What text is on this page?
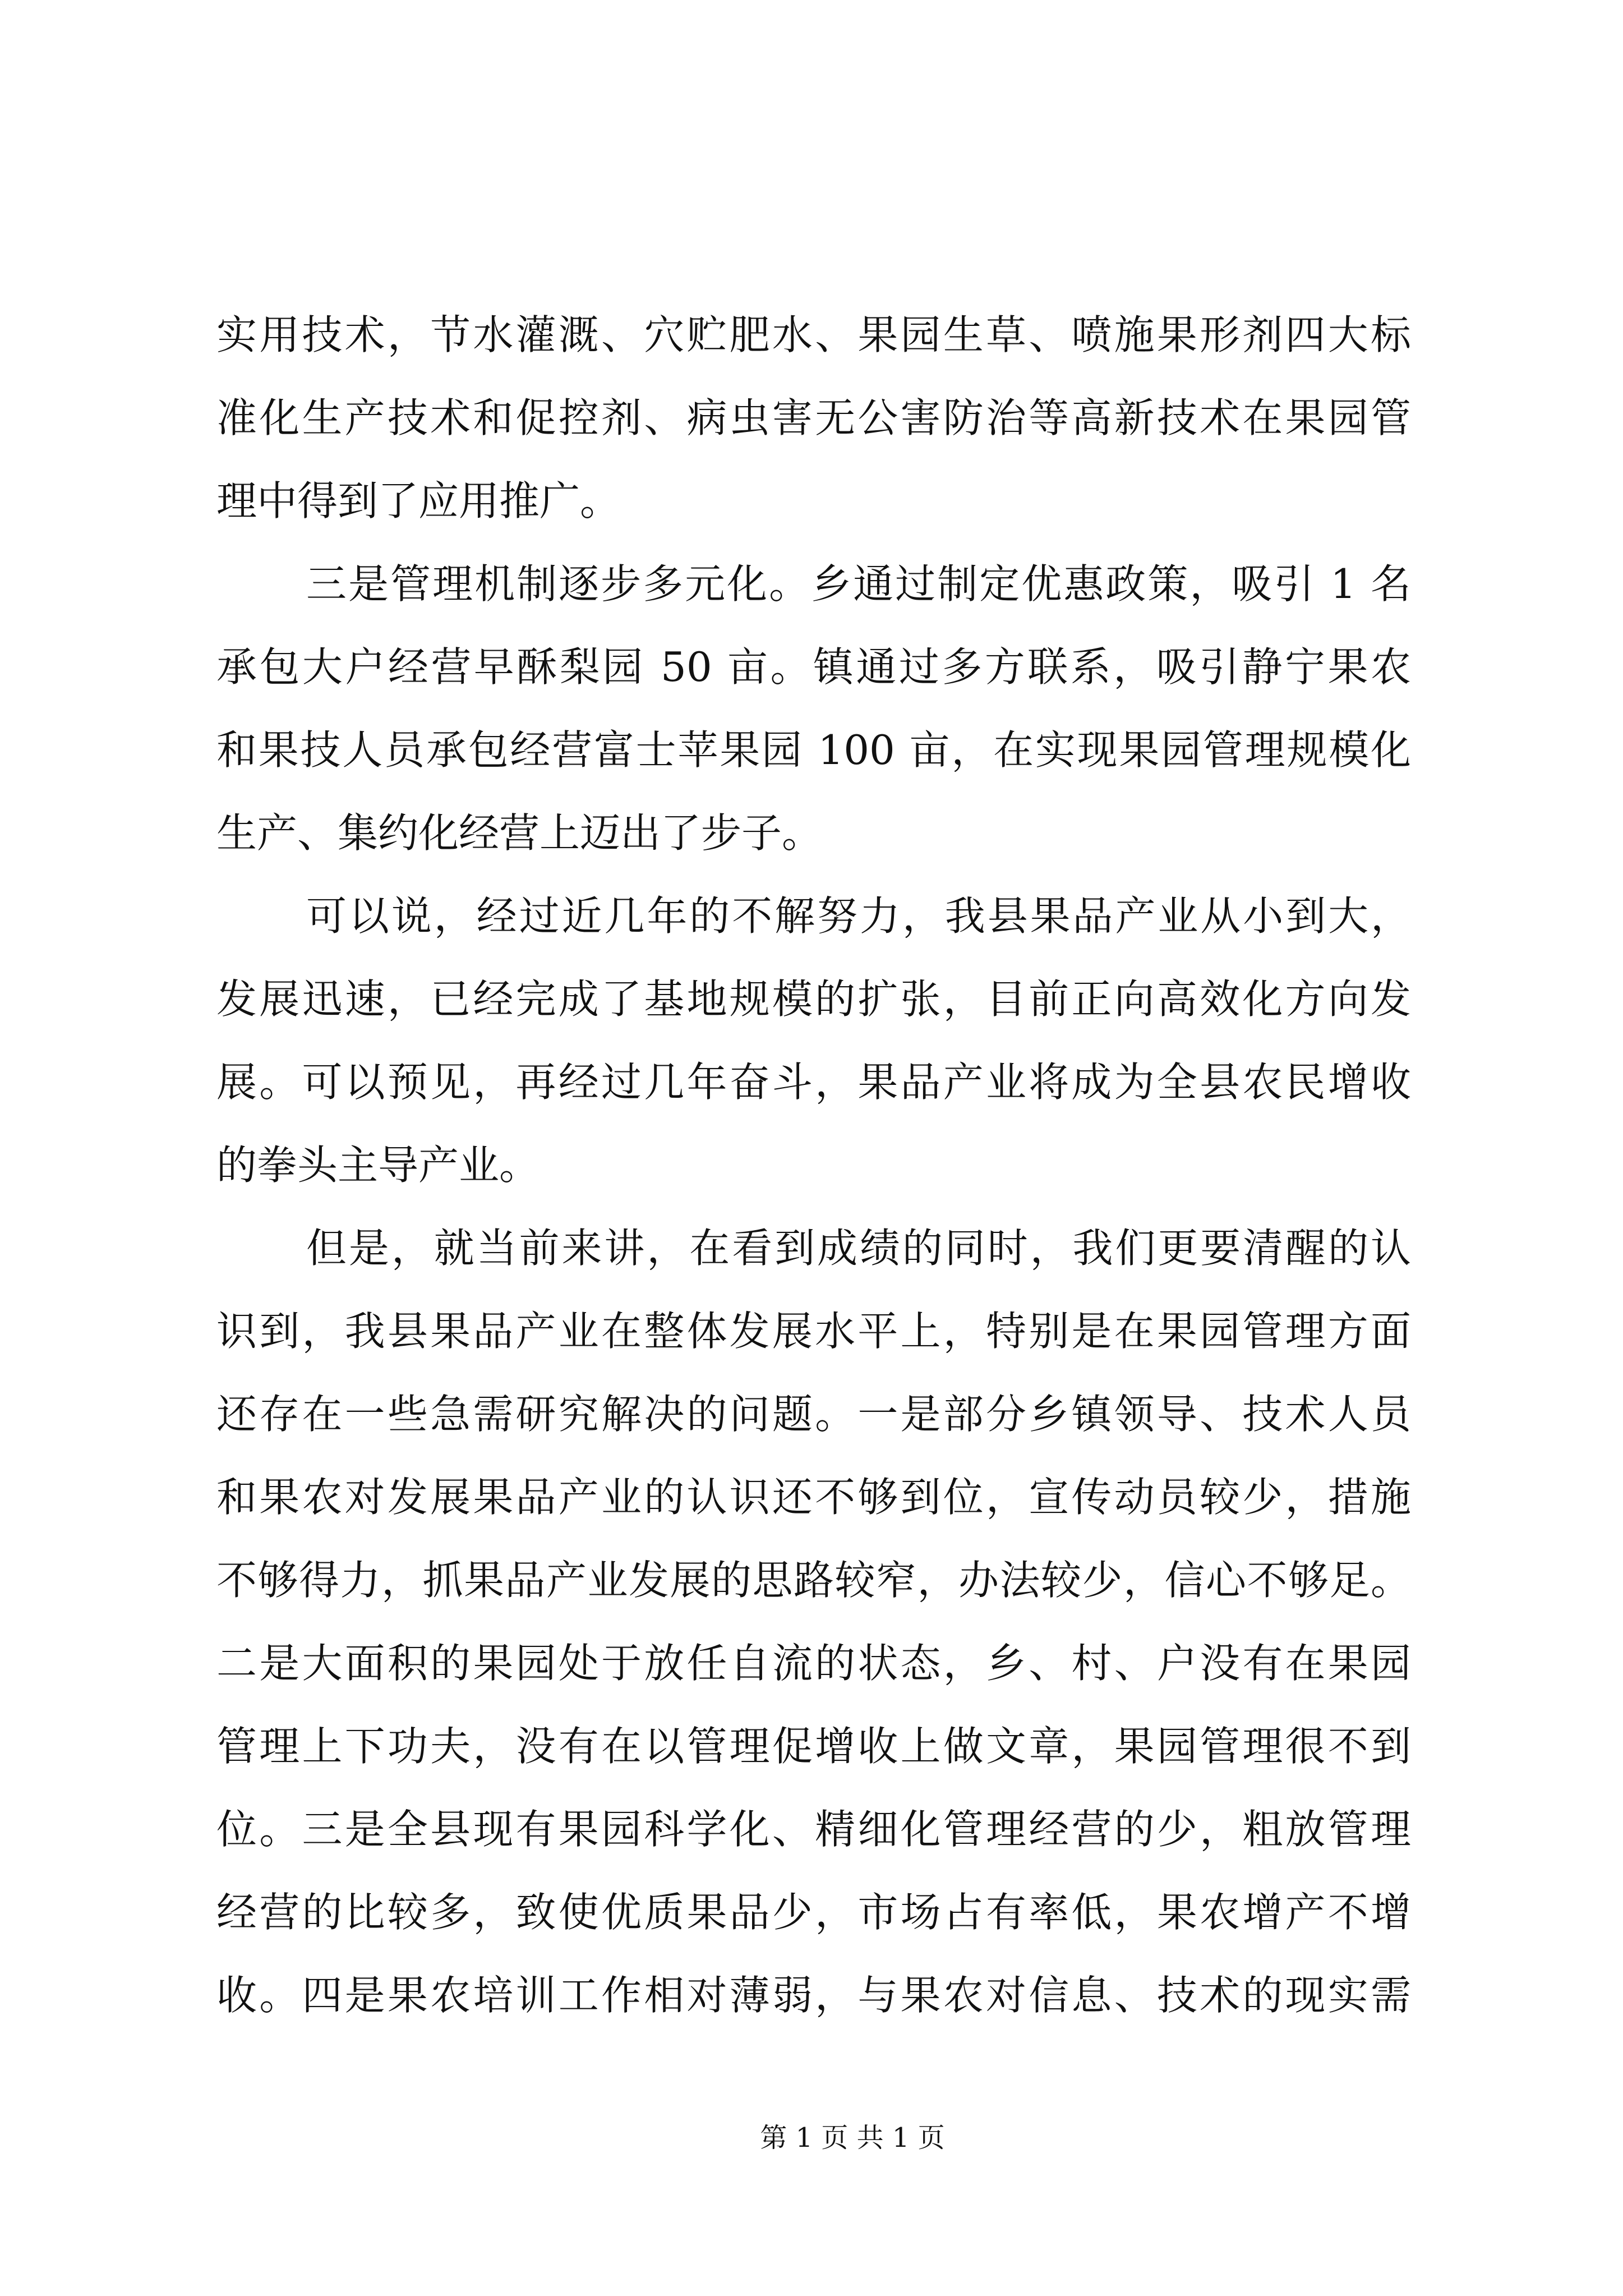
实用技术，节水灌溉、穴贮肥水、果园生草、喷施果形剂四大标
准化生产技术和促控剂、病虫害无公害防治等高新技术在果园管
理中得到了应用推广。
三是管理机制逐步多元化。乡通过制定优惠政策，吸引 1 名
承包大户经营早酥梨园 50 亩。镇通过多方联系，吸引静宁果农
和果技人员承包经营富士苹果园 100 亩，在实现果园管理规模化
生产、集约化经营上迈出了步子。
可以说，经过近几年的不解努力，我县果品产业从小到大，
发展迅速，已经完成了基地规模的扩张，目前正向高效化方向发
展。可以预见，再经过几年奋斗，果品产业将成为全县农民增收
的拳头主导产业。
但是，就当前来讲，在看到成绩的同时，我们更要清醒的认
识到，我县果品产业在整体发展水平上，特别是在果园管理方面
还存在一些急需研究解决的问题。一是部分乡镇领导、技术人员
和果农对发展果品产业的认识还不够到位，宣传动员较少，措施
不够得力，抓果品产业发展的思路较窄，办法较少，信心不够足。
二是大面积的果园处于放任自流的状态，乡、村、户没有在果园
管理上下功夫，没有在以管理促增收上做文章，果园管理很不到
位。三是全县现有果园科学化、精细化管理经营的少，粗放管理
经营的比较多，致使优质果品少，市场占有率低，果农增产不增
收。四是果农培训工作相对薄弱，与果农对信息、技术的现实需
第 1 页 共 1 页
